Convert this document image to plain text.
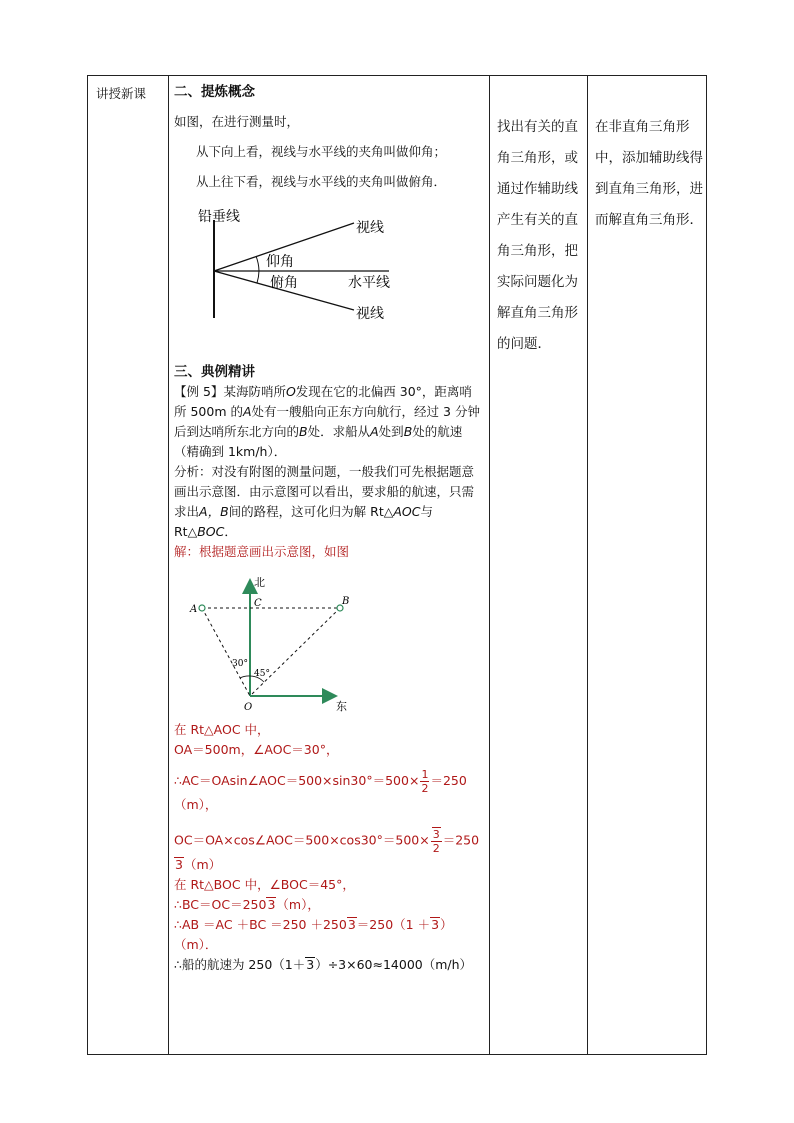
讲授新课	二、提炼概念

如图，在进行测量时，

从下向上看，视线与水平线的夹角叫做仰角；

从上往下看，视线与水平线的夹角叫做俯角．

铅垂线
视线
仰角
俯角	水平线
视线

三、典例精讲

【例 5】某海防哨所O发现在它的北偏西 30°，距离哨所 500m 的A处有一艘船向正东方向航行，经过 3 分钟后到达哨所东北方向的B处．求船从A处到B处的航速（精确到 1km/h）．

分析：对没有附图的测量问题，一般我们可先根据题意画出示意图．由示意图可以看出，要求船的航速，只需求出A，B间的路程，这可化归为解 Rt△AOC与 Rt△BOC．

解：根据题意画出示意图，如图

北
东
A
B
C
O
30°
45°

在 Rt△AOC 中，

OA＝500m，∠AOC＝30°，

∴AC＝OAsin∠AOC＝500×sin30°＝500× $\frac{1}{2} =250$

（m），

OC＝OA×cos∠AOC＝500×cos30°＝500× $\frac{3}{2} =250$

3（m）

在 Rt△BOC 中，∠BOC＝45°，

∴BC＝OC＝2503（m），

∴AB ＝AC ＋BC ＝250 ＋2503＝250（1 ＋3）

（m）．

∴船的航速为 250（1＋3）÷3×60≈14000（m/h）

找出有关的直角三角形，或通过作辅助线产生有关的直角三角形，把实际问题化为解直角三角形的问题．
在非直角三角形中，添加辅助线得到直角三角形，进而解直角三角形．
